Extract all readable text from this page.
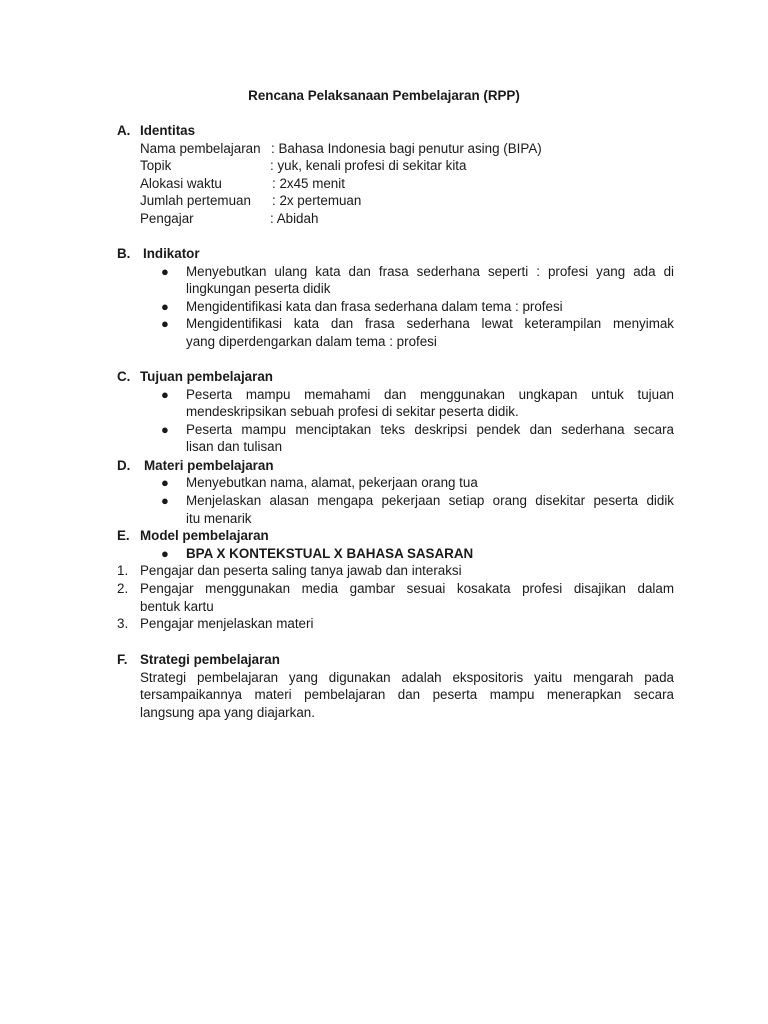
Rencana Pelaksanaan Pembelajaran (RPP)
A. Identitas
Nama pembelajaran : Bahasa Indonesia bagi penutur asing (BIPA)
Topik	: yuk, kenali profesi di sekitar kita
Alokasi waktu	: 2x45 menit
Jumlah pertemuan : 2x pertemuan
Pengajar	: Abidah
B. Indikator
● Menyebutkan ulang kata dan frasa sederhana seperti : profesi yang ada di
lingkungan peserta didik
● Mengidentifikasi kata dan frasa sederhana dalam tema : profesi
● Mengidentifikasi kata dan frasa sederhana lewat keterampilan menyimak
yang diperdengarkan dalam tema : profesi
C. Tujuan pembelajaran
● Peserta mampu memahami dan menggunakan ungkapan untuk tujuan
mendeskripsikan sebuah profesi di sekitar peserta didik.
● Peserta mampu menciptakan teks deskripsi pendek dan sederhana secara
lisan dan tulisan
D. Materi pembelajaran
● Menyebutkan nama, alamat, pekerjaan orang tua
● Menjelaskan alasan mengapa pekerjaan setiap orang disekitar peserta didik
itu menarik
E. Model pembelajaran
● BPA X KONTEKSTUAL X BAHASA SASARAN
1. Pengajar dan peserta saling tanya jawab dan interaksi
2. Pengajar menggunakan media gambar sesuai kosakata profesi disajikan dalam
bentuk kartu
3. Pengajar menjelaskan materi
F. Strategi pembelajaran
Strategi pembelajaran yang digunakan adalah ekspositoris yaitu mengarah pada
tersampaikannya materi pembelajaran dan peserta mampu menerapkan secara
langsung apa yang diajarkan.
